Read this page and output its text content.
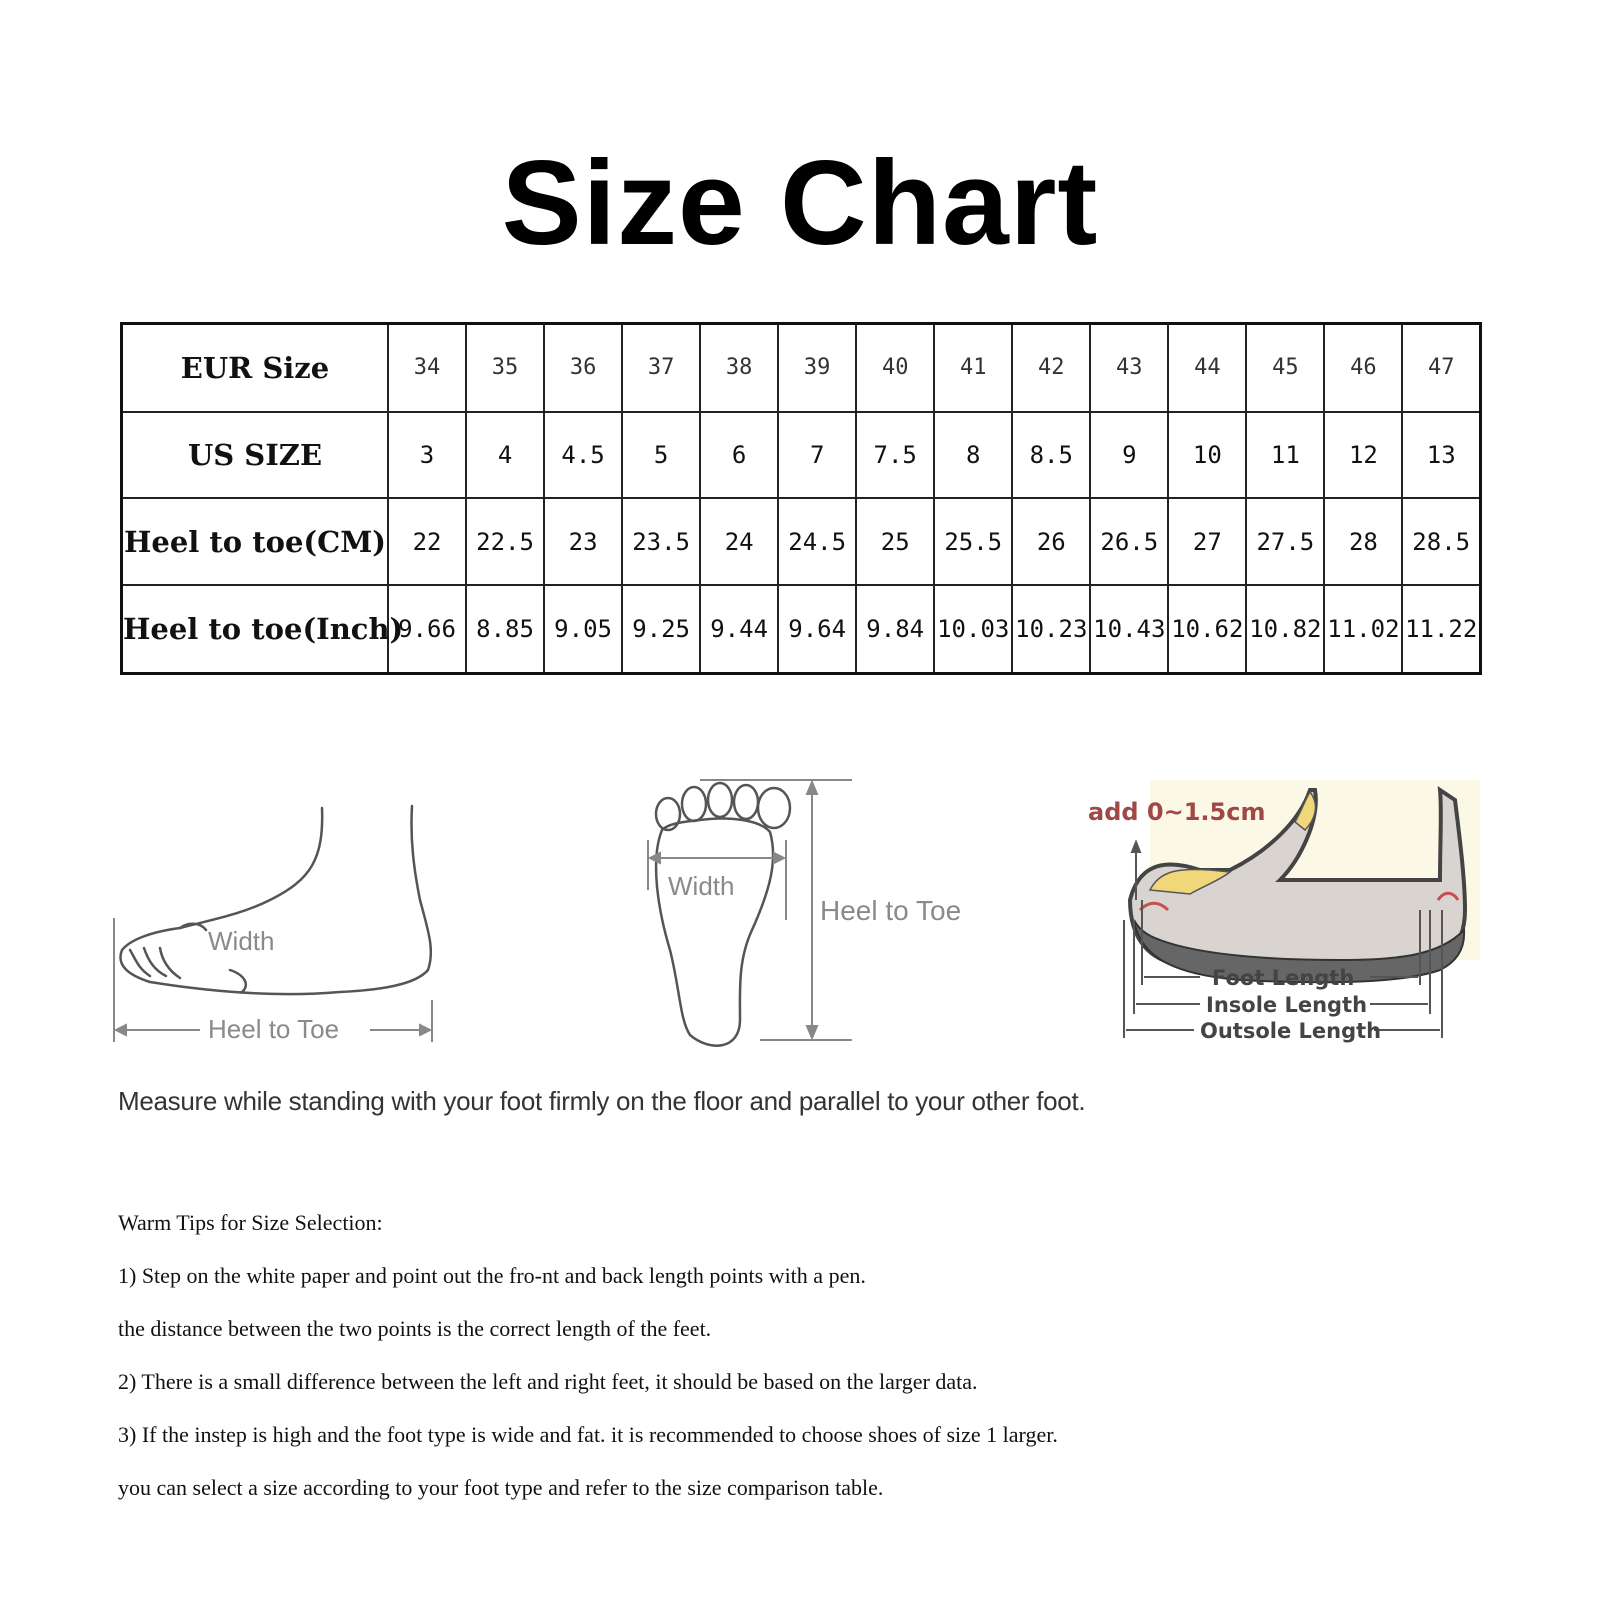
Size Chart
EUR Size	34	35	36	37	38	39	40	41	42	43	44	45	46	47
US SIZE	3	4	4.5	5	6	7	7.5	8	8.5	9	10	11	12	13
Heel to toe(CM)	22	22.5	23	23.5	24	24.5	25	25.5	26	26.5	27	27.5	28	28.5
Heel to toe(Inch)	9.66	8.85	9.05	9.25	9.44	9.64	9.84	10.03	10.23	10.43	10.62	10.82	11.02	11.22
Width
Heel to Toe
Width
Heel to Toe
add 0~1.5cm
Foot Length
Insole Length
Outsole Length
Measure while standing with your foot firmly on the floor and parallel to your other foot.
Warm Tips for Size Selection:
1) Step on the white paper and point out the fro-nt and back length points with a pen.
the distance between the two points is the correct length of the feet.
2) There is a small difference between the left and right feet, it should be based on the larger data.
3) If the instep is high and the foot type is wide and fat. it is recommended to choose shoes of size 1 larger.
you can select a size according to your foot type and refer to the size comparison table.
